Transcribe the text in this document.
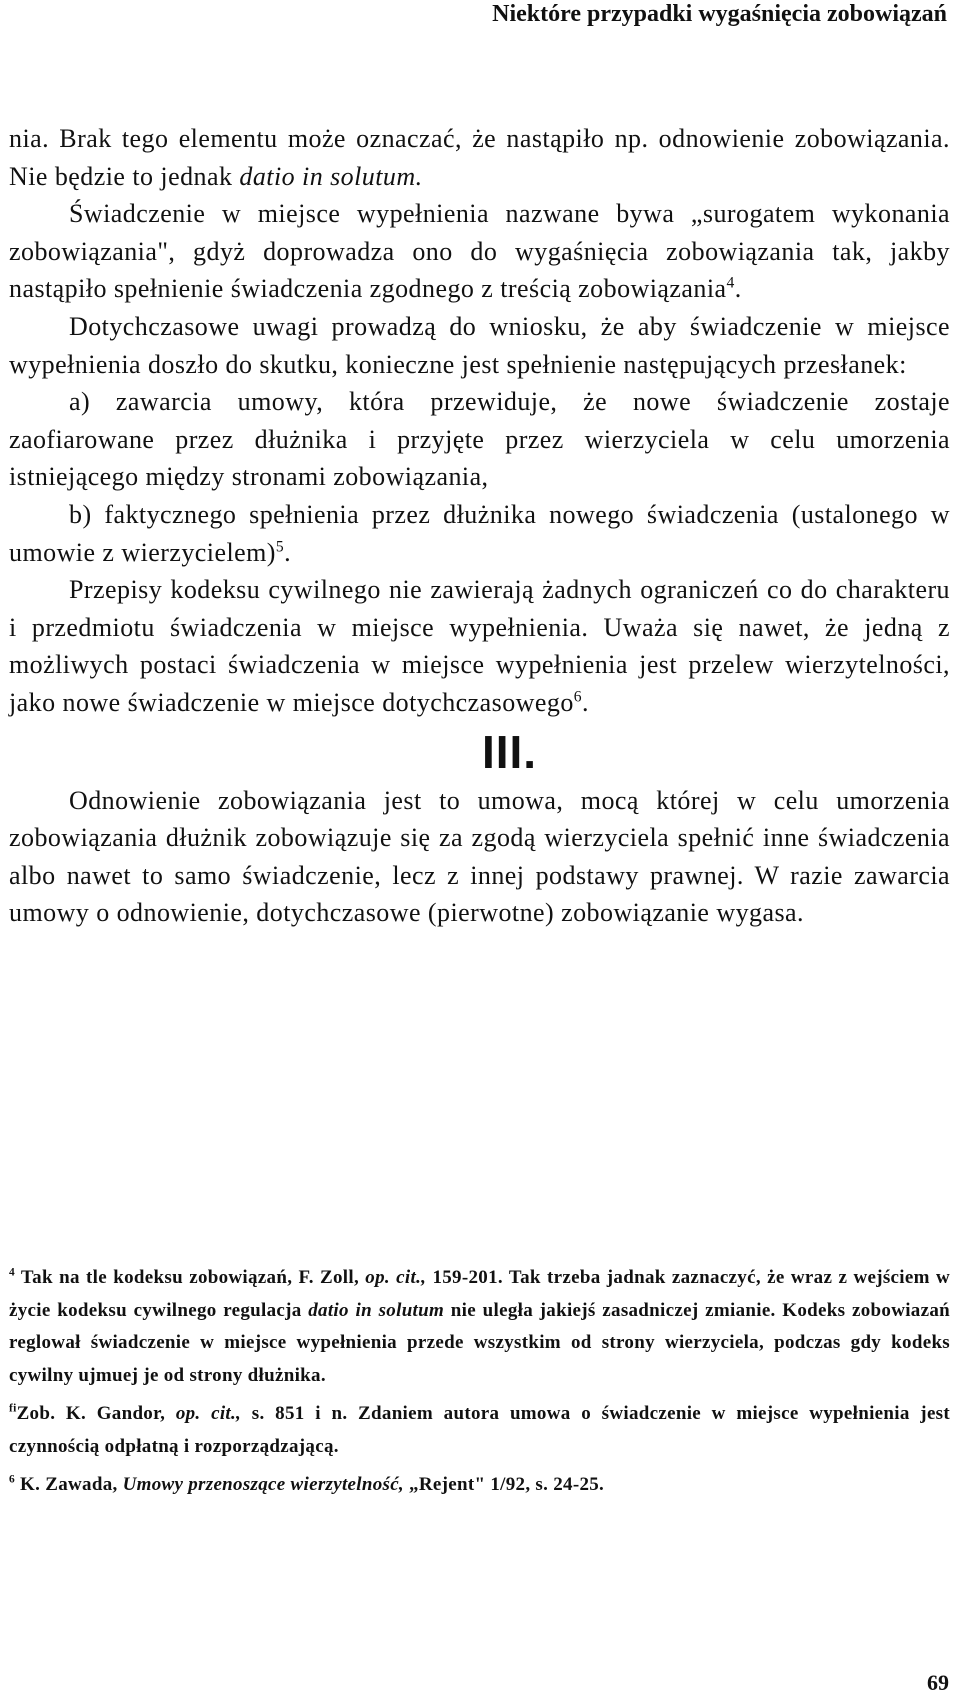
Niektóre przypadki wygaśnięcia zobowiązań

nia. Brak tego elementu może oznaczać, że nastąpiło np. odnowienie zobowiązania. Nie będzie to jednak datio in solutum.

Świadczenie w miejsce wypełnienia nazwane bywa „surogatem wykonania zobowiązania", gdyż doprowadza ono do wygaśnięcia zobowiązania tak, jakby nastąpiło spełnienie świadczenia zgodnego z treścią zobowiązania$^4$.

Dotychczasowe uwagi prowadzą do wniosku, że aby świadczenie w miejsce wypełnienia doszło do skutku, konieczne jest spełnienie następujących przesłanek:

a) zawarcia umowy, która przewiduje, że nowe świadczenie zostaje zaofiarowane przez dłużnika i przyjęte przez wierzyciela w celu umorzenia istniejącego między stronami zobowiązania,

b) faktycznego spełnienia przez dłużnika nowego świadczenia (ustalonego w umowie z wierzycielem)$^5$.

Przepisy kodeksu cywilnego nie zawierają żadnych ograniczeń co do charakteru i przedmiotu świadczenia w miejsce wypełnienia. Uważa się nawet, że jedną z możliwych postaci świadczenia w miejsce wypełnienia jest przelew wierzytelności, jako nowe świadczenie w miejsce dotychczasowego$^6$.

III.

Odnowienie zobowiązania jest to umowa, mocą której w celu umorzenia zobowiązania dłużnik zobowiązuje się za zgodą wierzyciela spełnić inne świadczenia albo nawet to samo świadczenie, lecz z innej podstawy prawnej. W razie zawarcia umowy o odnowienie, dotychczasowe (pierwotne) zobowiązanie wygasa.

$^4$ Tak na tle kodeksu zobowiązań, F. Zoll, op. cit., 159-201. Tak trzeba jadnak zaznaczyć, że wraz z wejściem w życie kodeksu cywilnego regulacja datio in solutum nie uległa jakiejś zasadniczej zmianie. Kodeks zobowiazań reglował świadczenie w miejsce wypełnienia przede wszystkim od strony wierzyciela, podczas gdy kodeks cywilny ujmuej je od strony dłużnika.

$^{fi}$Zob. K. Gandor, op. cit., s. 851 i n. Zdaniem autora umowa o świadczenie w miejsce wypełnienia jest czynnością odpłatną i rozporządzającą.

$^6$ K. Zawada, Umowy przenoszące wierzytelność, „Rejent" 1/92, s. 24-25.

69
